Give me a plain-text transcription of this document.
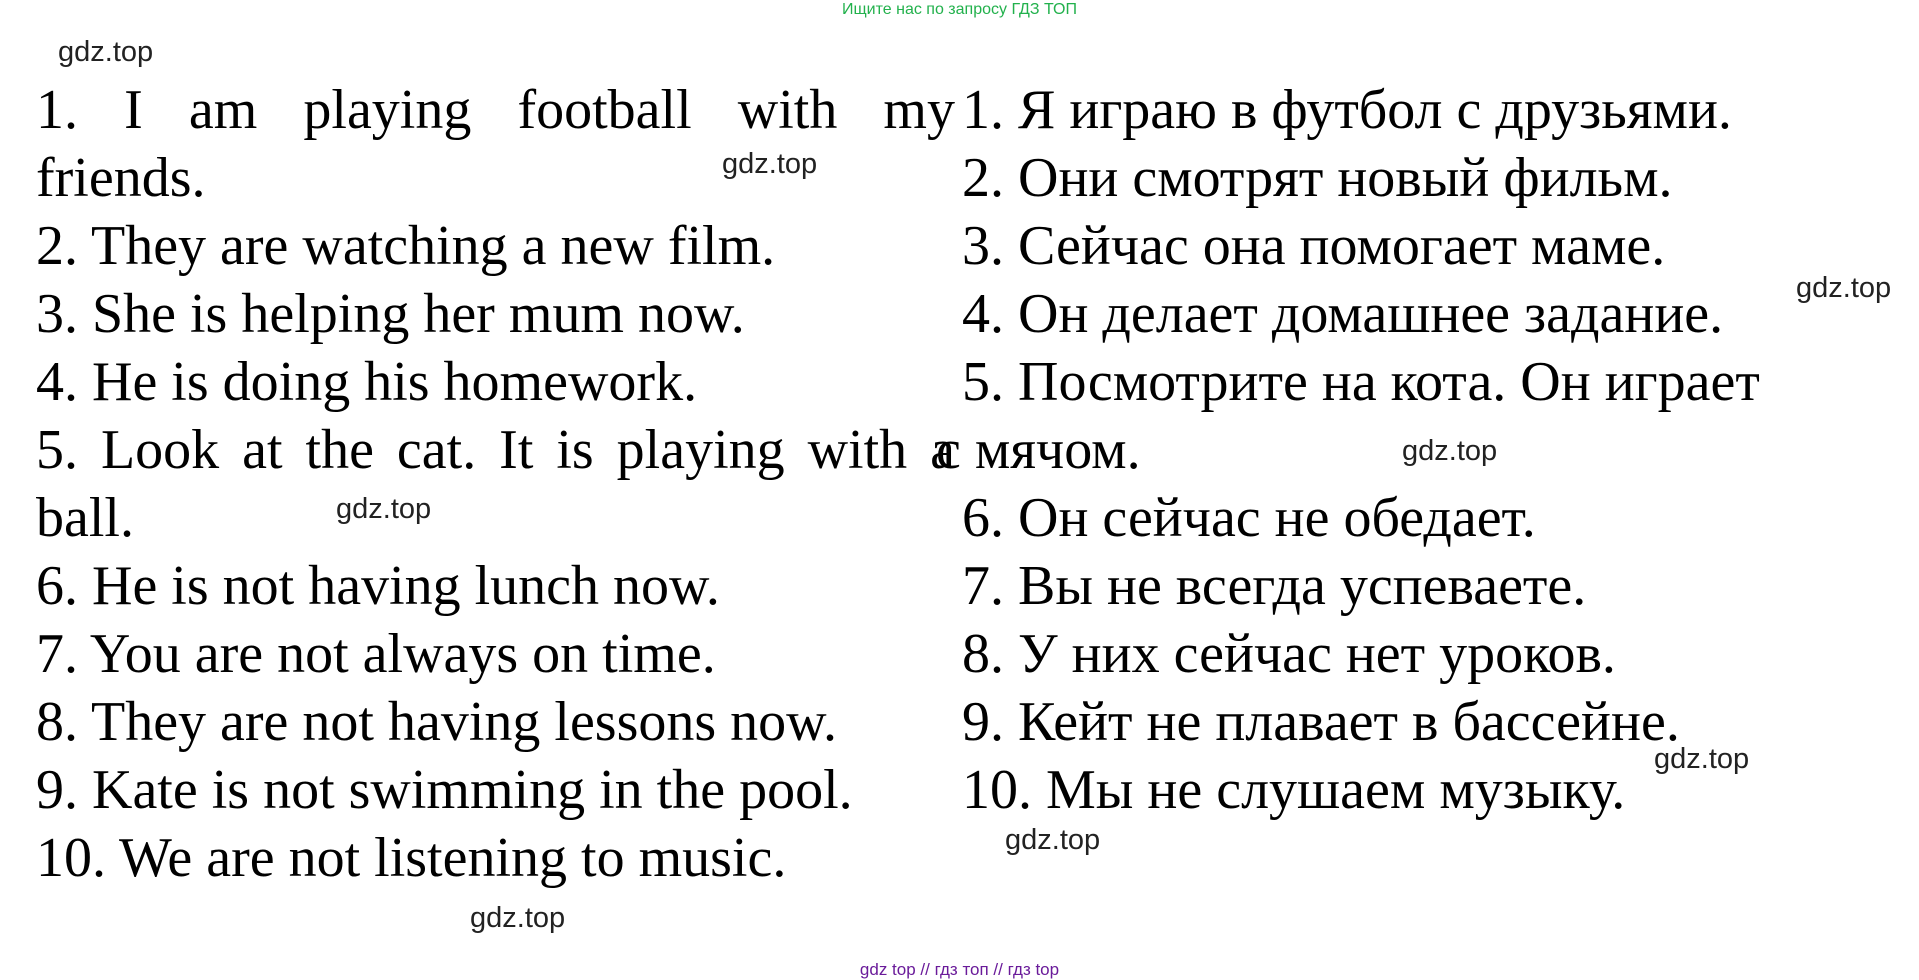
Ищите нас по запросу ГДЗ ТОП
gdz.top
gdz.top
gdz.top
gdz.top
gdz.top
gdz.top
gdz.top
gdz.top
1. I am playing football with my
friends.
2. They are watching a new film.
3. She is helping her mum now.
4. He is doing his homework.
5. Look at the cat. It is playing with a
ball.
6. He is not having lunch now.
7. You are not always on time.
8. They are not having lessons now.
9. Kate is not swimming in the pool.
10. We are not listening to music.
1. Я играю в футбол с друзьями.
2. Они смотрят новый фильм.
3. Сейчас она помогает маме.
4. Он делает домашнее задание.
5. Посмотрите на кота. Он играет
с мячом.
6. Он сейчас не обедает.
7. Вы не всегда успеваете.
8. У них сейчас нет уроков.
9. Кейт не плавает в бассейне.
10. Мы не слушаем музыку.
gdz top // гдз топ // гдз top
